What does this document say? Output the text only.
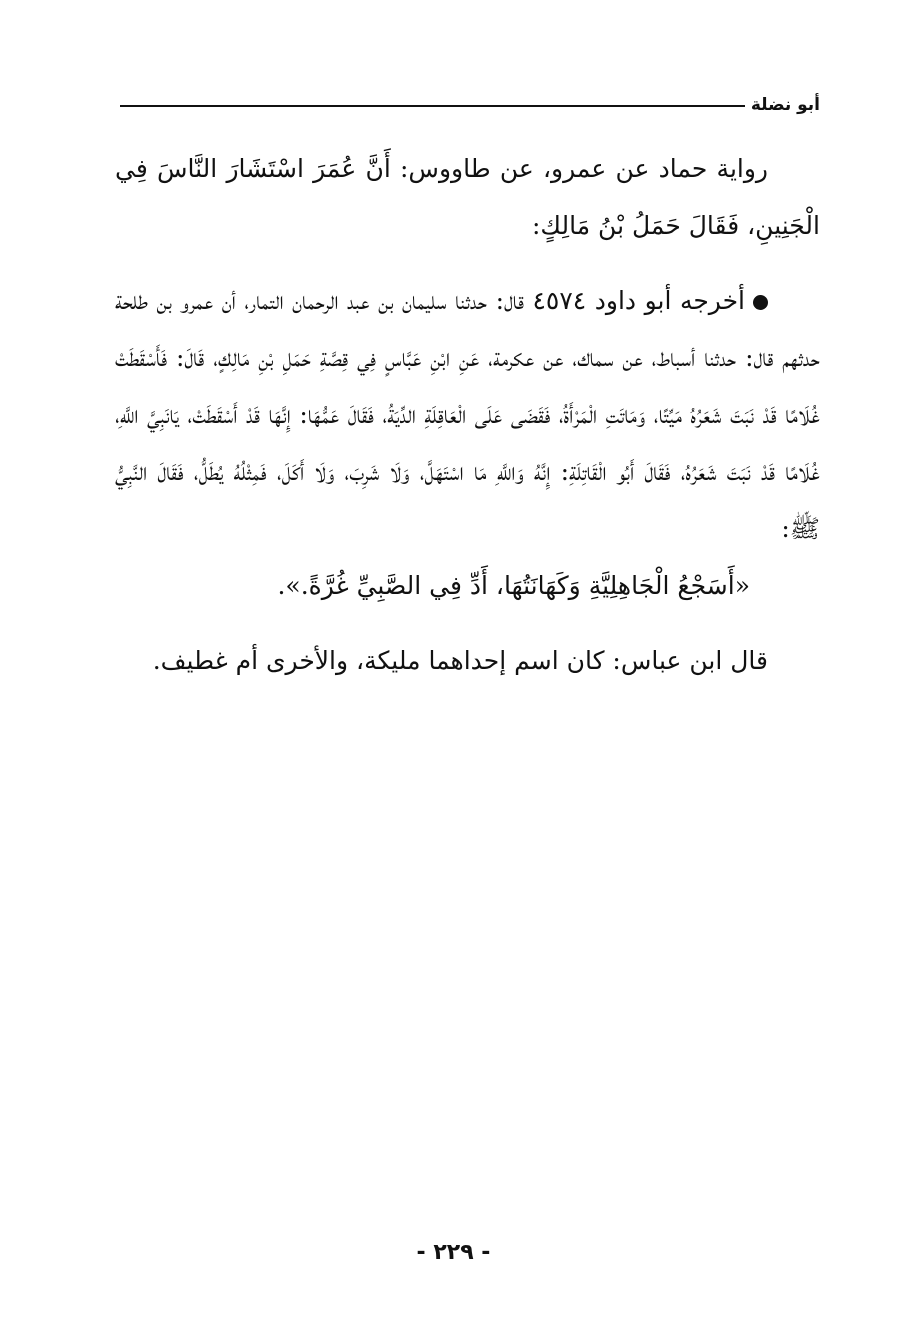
أبو نضلة

رواية حماد عن عمرو، عن طاووس: أَنَّ عُمَرَ اسْتَشَارَ النَّاسَ فِي الْجَنِينِ، فَقَالَ حَمَلُ بْنُ مَالِكٍ:

أخرجه أبو داود ٤٥٧٤ قال: حدثنا سليمان بن عبد الرحمان التمار، أن عمرو بن طلحة حدثهم قال: حدثنا أسباط، عن سماك، عن عكرمة، عَنِ ابْنِ عَبَّاسٍ فِي قِصَّةِ حَمَلِ بْنِ مَالِكٍ، قَالَ: فَأَسْقَطَتْ غُلَامًا قَدْ نَبَتَ شَعَرُهُ مَيِّتًا، وَمَاتَتِ الْمَرْأَةُ، فَقَضَى عَلَى الْعَاقِلَةِ الدِّيَةُ، فَقَالَ عَمُّهَا: إِنَّهَا قَدْ أَسْقَطَتْ، يَانَبِيَّ اللَّهِ، غُلَامًا قَدْ نَبَتَ شَعَرُهُ، فَقَالَ أَبُو الْقَاتِلَةِ: إِنَّهُ وَاللَّهِ مَا اسْتَهَلَّ، وَلَا شَرِبَ، وَلَا أَكَلَ، فَمِثْلُهُ يُطَلُّ، فَقَالَ النَّبِيُّ ﷺ:

«أَسَجْعُ الْجَاهِلِيَّةِ وَكَهَانَتُهَا، أَدِّ فِي الصَّبِيِّ غُرَّةً.».

قال ابن عباس: كان اسم إحداهما مليكة، والأخرى أم غطيف.

- ٢٢٩ -
